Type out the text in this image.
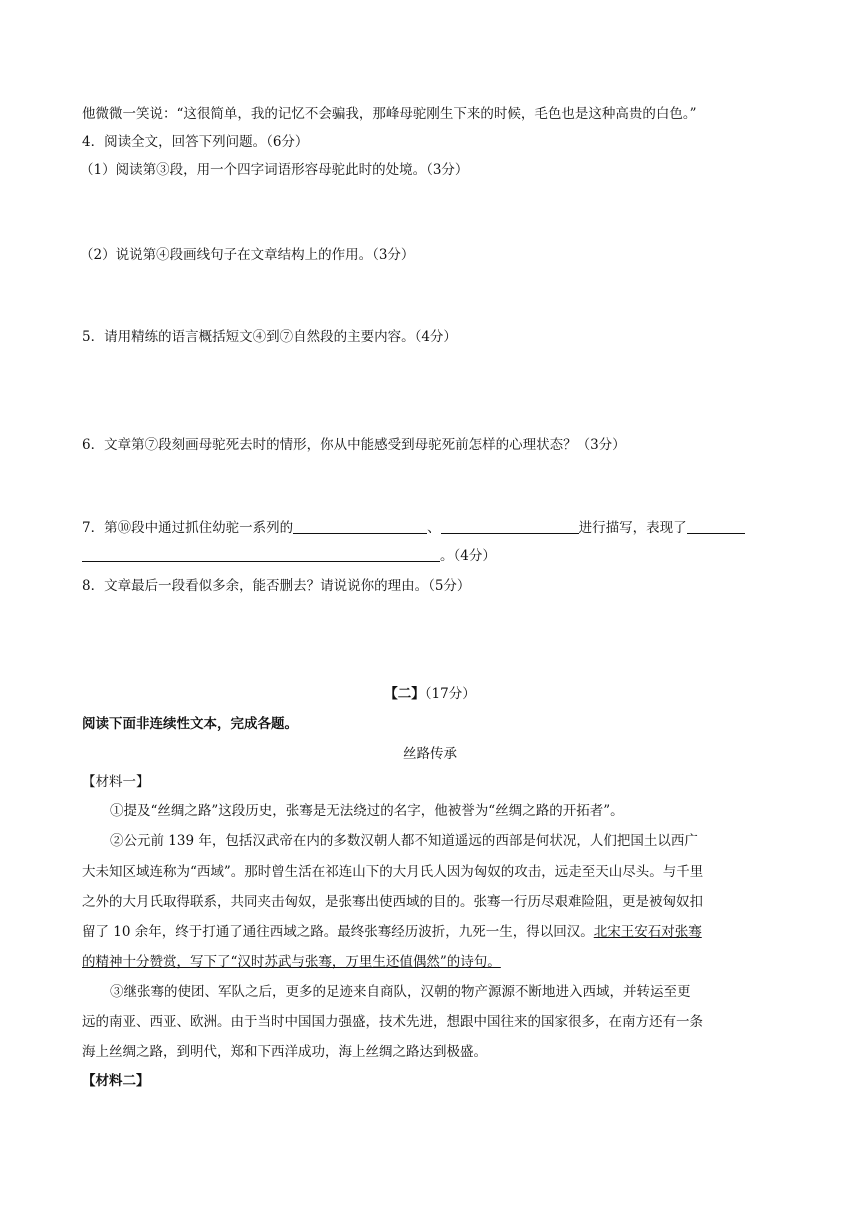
他微微一笑说：“这很简单，我的记忆不会骗我，那峰母驼刚生下来的时候，毛色也是这种高贵的白色。”
4．阅读全文，回答下列问题。（6分）
（1）阅读第③段，用一个四字词语形容母驼此时的处境。（3分）
（2）说说第④段画线句子在文章结构上的作用。（3分）
5．请用精练的语言概括短文④到⑦自然段的主要内容。（4分）
6．文章第⑦段刻画母驼死去时的情形，你从中能感受到母驼死前怎样的心理状态？（3分）
7．第⑩段中通过抓住幼驼一系列的	、	进行描写，表现了
。（4分）
8．文章最后一段看似多余，能否删去？请说说你的理由。（5分）
【二】（17分）
阅读下面非连续性文本，完成各题。
丝路传承
【材料一】
①提及“丝绸之路”这段历史，张骞是无法绕过的名字，他被誉为“丝绸之路的开拓者”。
②公元前 139 年，包括汉武帝在内的多数汉朝人都不知道遥远的西部是何状况，人们把国土以西广
大未知区域连称为“西域”。那时曾生活在祁连山下的大月氏人因为匈奴的攻击，远走至天山尽头。与千里
之外的大月氏取得联系，共同夹击匈奴，是张骞出使西域的目的。张骞一行历尽艰难险阻，更是被匈奴扣
留了 10 余年，终于打通了通往西域之路。最终张骞经历波折，九死一生，得以回汉。北宋王安石对张骞
的精神十分赞赏，写下了“汉时苏武与张骞，万里生还值偶然”的诗句。
③继张骞的使团、军队之后，更多的足迹来自商队，汉朝的物产源源不断地进入西域，并转运至更
远的南亚、西亚、欧洲。由于当时中国国力强盛，技术先进，想跟中国往来的国家很多，在南方还有一条
海上丝绸之路，到明代，郑和下西洋成功，海上丝绸之路达到极盛。
【材料二】
